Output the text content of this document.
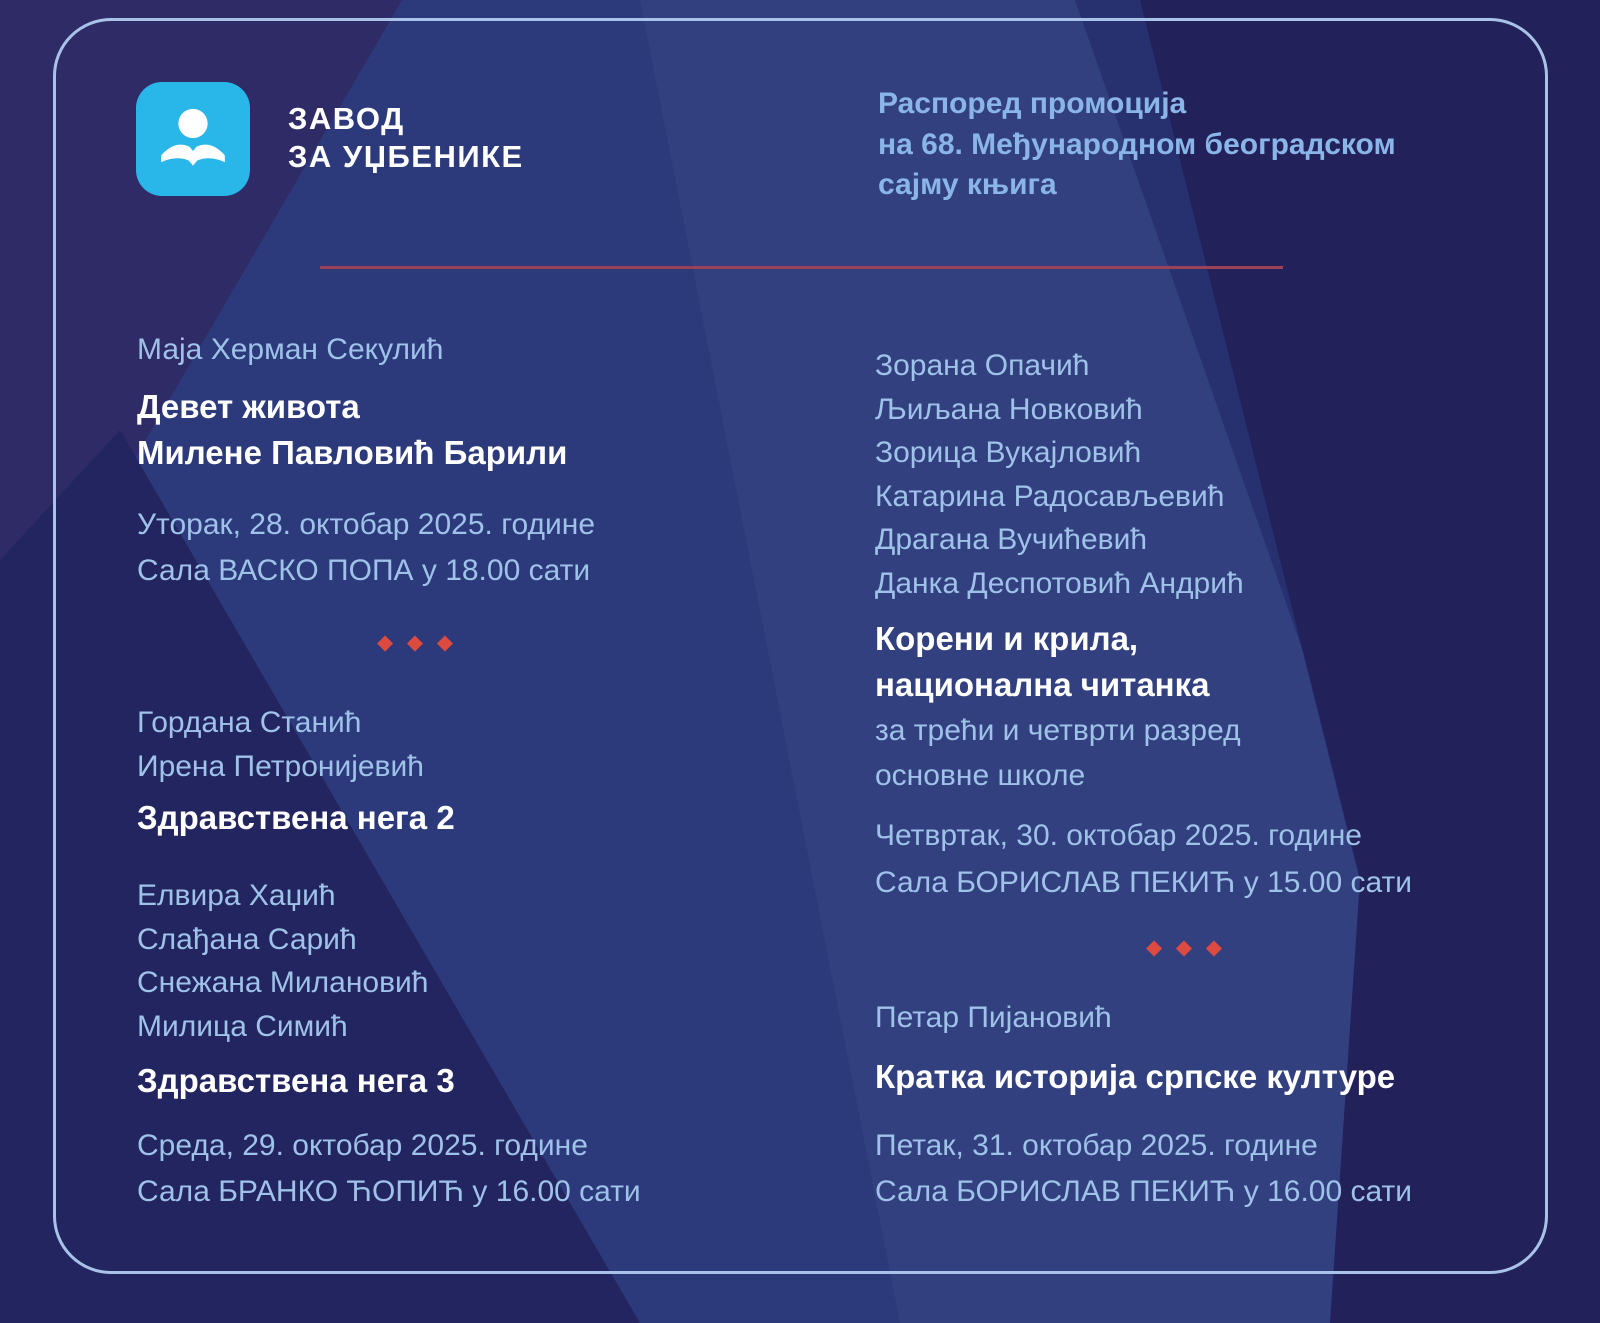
ЗАВОД
ЗА УЏБЕНИКЕ
Распоред промоција
на 68. Међународном београдском
сајму књига
Маја Херман Секулић
Девет живота
Милене Павловић Барили
Уторак, 28. октобар 2025. године
Сала ВАСКО ПОПА у 18.00 сати
◆ ◆ ◆
Гордана Станић
Ирена Петронијевић
Здравствена нега 2
Елвира Хаџић
Слађана Сарић
Снежана Милановић
Милица Симић
Здравствена нега 3
Среда, 29. октобар 2025. године
Сала БРАНКО ЋОПИЋ у 16.00 сати
Зорана Опачић
Љиљана Новковић
Зорица Вукајловић
Катарина Радосављевић
Драгана Вучићевић
Данка Деспотовић Андрић
Корени и крила,
национална читанка
за трећи и четврти разред
основне школе
Четвртак, 30. октобар 2025. године
Сала БОРИСЛАВ ПЕКИЋ у 15.00 сати
◆ ◆ ◆
Петар Пијановић
Кратка историја српске културе
Петак, 31. октобар 2025. године
Сала БОРИСЛАВ ПЕКИЋ у 16.00 сати
